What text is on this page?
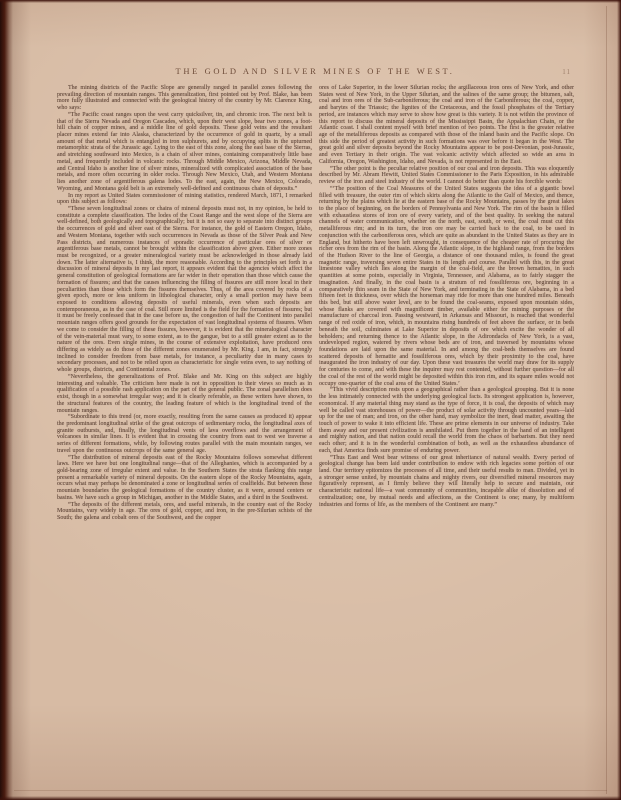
THE GOLD AND SILVER MINES OF THE WEST.	11

The mining districts of the Pacific Slope are generally ranged in parallel zones following the prevailing direction of mountain ranges. This generalization, first pointed out by Prof. Blake, has been more fully illustrated and connected with the geological history of the country by Mr. Clarence King, who says:

“The Pacific coast ranges upon the west carry quicksilver, tin, and chromic iron. The next belt is that of the Sierra Nevada and Oregon Cascades, which, upon their west slope, bear two zones, a foot-hill chain of copper mines, and a middle line of gold deposits. These gold veins and the resultant placer mines extend far into Alaska, characterized by the occurrence of gold in quartz, by a small amount of that metal which is entangled in iron sulphurets, and by occupying splits in the upturned metamorphic strata of the Jurassic age. Lying to the east of this zone, along the east base of the Sierras, and stretching southward into Mexico, is a chain of silver mines, containing comparatively little base metal, and frequently included in volcanic rocks. Through Middle Mexico, Arizona, Middle Nevada, and Central Idaho is another line of silver mines, mineralized with complicated association of the base metals, and more often occurring in older rocks. Through New Mexico, Utah, and Western Montana lies another zone of argentiferous galena lodes. To the east, again, the New Mexico, Colorado, Wyoming, and Montana gold belt is an extremely well-defined and continuous chain of deposits.”

In my report as United States commissioner of mining statistics, rendered March, 1871, I remarked upon this subject as follows:

“These seven longitudinal zones or chains of mineral deposits must not, in my opinion, be held to constitute a complete classification. The lodes of the Coast Range and the west slope of the Sierra are well-defined, both geologically and topographically; but it is not so easy to separate into distinct groups the occurrences of gold and silver east of the Sierra. For instance, the gold of Eastern Oregon, Idaho, and Western Montana, together with such occurrences in Nevada as those of the Silver Peak and New Pass districts, and numerous instances of sporadic occurrence of particular ores of silver or argentiferous base metals, cannot be brought within the classification above given. Either more zones must be recognized, or a greater mineralogical variety must be acknowledged in those already laid down. The latter alternative is, I think, the more reasonable. According to the principles set forth in a discussion of mineral deposits in my last report, it appears evident that the agencies which affect the general constitution of geological formations are far wider in their operation than those which cause the formation of fissures; and that the causes influencing the filling of fissures are still more local in their peculiarities than those which form the fissures themselves. Thus, of the area covered by rocks of a given epoch, more or less uniform in lithological character, only a small portion may have been exposed to conditions allowing deposits of useful minerals, even when such deposits are contemporaneous, as in the case of coal. Still more limited is the field for the formation of fissures; but it must be freely confessed that in the case before us, the congestion of half the Continent into parallel mountain ranges offers good grounds for the expectation of vast longitudinal systems of fissures. When we come to consider the filling of these fissures, however, it is evident that the mineralogical character of the vein-material must vary, to some extent, as to the gangue, but to a still greater extent as to the nature of the ores. Even single mines, in the course of extensive exploitation, have produced ores differing as widely as do those of the different zones enumerated by Mr. King. I am, in fact, strongly inclined to consider freedom from base metals, for instance, a peculiarity due in many cases to secondary processes, and not to be relied upon as characteristic for single veins even, to say nothing of whole groups, districts, and Continental zones.

“Nevertheless, the generalizations of Prof. Blake and Mr. King on this subject are highly interesting and valuable. The criticism here made is not in opposition to their views so much as in qualification of a possible rash application on the part of the general public. The zonal parallelism does exist, though in a somewhat irregular way; and it is clearly referable, as these writers have shown, to the structural features of the country, the leading feature of which is the longitudinal trend of the mountain ranges.

“Subordinate to this trend (or, more exactly, resulting from the same causes as produced it) appear the predominant longitudinal strike of the great outcrops of sedimentary rocks, the longitudinal axes of granite outbursts, and, finally, the longitudinal vents of lava overflows and the arrangement of volcanoes in similar lines. It is evident that in crossing the country from east to west we traverse a series of different formations, while, by following routes parallel with the main mountain ranges, we travel upon the continuous outcrops of the same general age.

“The distribution of mineral deposits east of the Rocky Mountains follows somewhat different laws. Here we have but one longitudinal range—that of the Alleghanies, which is accompanied by a gold-bearing zone of irregular extent and value. In the Southern States the strata flanking this range present a remarkable variety of mineral deposits. On the eastern slope of the Rocky Mountains, again, occurs what may perhaps be denominated a zone or longitudinal series of coalfields. But between these mountain boundaries the geological formations of the country cluster, as it were, around centers or basins. We have such a group in Michigan, another in the Middle States, and a third in the Southwest.

“The deposits of the different metals, ores, and useful minerals, in the country east of the Rocky Mountains, vary widely in age. The ores of gold, copper, and iron, in the pre-Silurian schists of the South; the galena and cobalt ores of the Southwest, and the copper

ores of Lake Superior, in the lower Silurian rocks; the argillaceous iron ores of New York, and other States west of New York, in the Upper Silurian, and the salines of the same group; the bitumen, salt, coal and iron ores of the Sub-carboniferous; the coal and iron of the Carboniferous; the coal, copper, and barytes of the Triassic; the lignites of the Cretaceous, and the fossil phosphates of the Tertiary period, are instances which may serve to show how great is this variety. It is not within the province of this report to discuss the mineral deposits of the Mississippi Basin, the Appalachian Chain, or the Atlantic coast. I shall content myself with brief mention of two points. The first is the greater relative age of the metalliferous deposits as compared with those of the inland basin and the Pacific slope. On this side the period of greatest activity in such formations was over before it began in the West. The great gold and silver deposits beyond the Rocky Mountains appear to be post-Devonian, post-Jurassic, and even Tertiary in their origin. The vast volcanic activity which affected so wide an area in California, Oregon, Washington, Idaho, and Nevada, is not represented in the East.

“The other point is the peculiar relative position of our coal and iron deposits. This was eloquently described by Mr. Abram Hewitt, United States Commissioner to the Paris Exposition, in his admirable review of the iron and steel industry of the world. I cannot do better than quote his forcible words:

“‘The position of the Coal Measures of the United States suggests the idea of a gigantic bowl filled with treasure, the outer rim of which skirts along the Atlantic to the Gulf of Mexico, and thence, returning by the plains which lie at the eastern base of the Rocky Mountains, passes by the great lakes to the place of beginning, on the borders of Pennsylvania and New York. The rim of the basin is filled with exhaustless stores of iron ore of every variety, and of the best quality. In seeking the natural channels of water communication, whether on the north, east, south, or west, the coal must cut this metalliferous rim; and in its turn, the iron ore may be carried back to the coal, to be used in conjunction with the carboniferous ores, which are quite as abundant in the United States as they are in England, but hitherto have been left unwrought, in consequence of the cheaper rate of procuring the richer ores from the rim of the basin. Along the Atlantic slope, in the highland range, from the borders of the Hudson River to the line of Georgia, a distance of one thousand miles, is found the great magnetic range, traversing seven entire States in its length and course. Parallel with this, in the great limestone valley which lies along the margin of the coal-field, are the brown hematites, in such quantities at some points, especially in Virginia, Tennessee, and Alabama, as to fairly stagger the imagination. And finally, in the coal basin is a stratum of red fossiliferous ore, beginning in a comparatively thin seam in the State of New York, and terminating in the State of Alabama, in a bed fifteen feet in thickness, over which the horseman may ride for more than one hundred miles. Beneath this bed, but still above water level, are to be found the coal-seams, exposed upon mountain sides, whose flanks are covered with magnificent timber, available either for mining purposes or the manufacture of charcoal iron. Passing westward, in Arkansas and Missouri, is reached that wonderful range of red oxide of iron, which, in mountains rising hundreds of feet above the surface, or in beds beneath the soil, culminates at Lake Superior in deposits of ore which excite the wonder of all beholders; and returning thence to the Atlantic slope, in the Adirondacks of New York, is a vast, undeveloped region, watered by rivers whose beds are of iron, and traversed by mountains whose foundations are laid upon the same material. In and among the coal-beds themselves are found scattered deposits of hematite and fossiliferous ores, which by their proximity to the coal, have inaugurated the iron industry of our day. Upon these vast treasures the world may draw for its supply for centuries to come, and with these the inquirer may rest contented, without further question—for all the coal of the rest of the world might be deposited within this iron rim, and its square miles would not occupy one-quarter of the coal area of the United States.’

“This vivid description rests upon a geographical rather than a geological grouping. But it is none the less intimately connected with the underlying geological facts. Its strongest application is, however, economical. If any material thing may stand as the type of force, it is coal, the deposits of which may well be called vast storehouses of power—the product of solar activity through uncounted years—laid up for the use of man; and iron, on the other hand, may symbolize the inert, dead matter, awaiting the touch of power to wake it into efficient life. These are prime elements in our universe of industry. Take them away and our present civilization is annihilated. Put them together in the hand of an intelligent and mighty nation, and that nation could recall the world from the chaos of barbarism. But they need each other; and it is in the wonderful combination of both, as well as the exhaustless abundance of each, that America finds sure promise of enduring power.

“Thus East and West bear witness of our great inheritance of natural wealth. Every period of geological change has been laid under contribution to endow with rich legacies some portion of our land. Our territory epitomizes the processes of all time, and their useful results to man. Divided, yet in a stronger sense united, by mountain chains and mighty rivers, our diversified mineral resources may figuratively represent, as I firmly believe they will literally help to secure and maintain, our characteristic national life—a vast community of communities, incapable alike of dissolution and of centralization; one, by mutual needs and affections, as the Continent is one; many, by multiform industries and forms of life, as the members of the Continent are many.”
